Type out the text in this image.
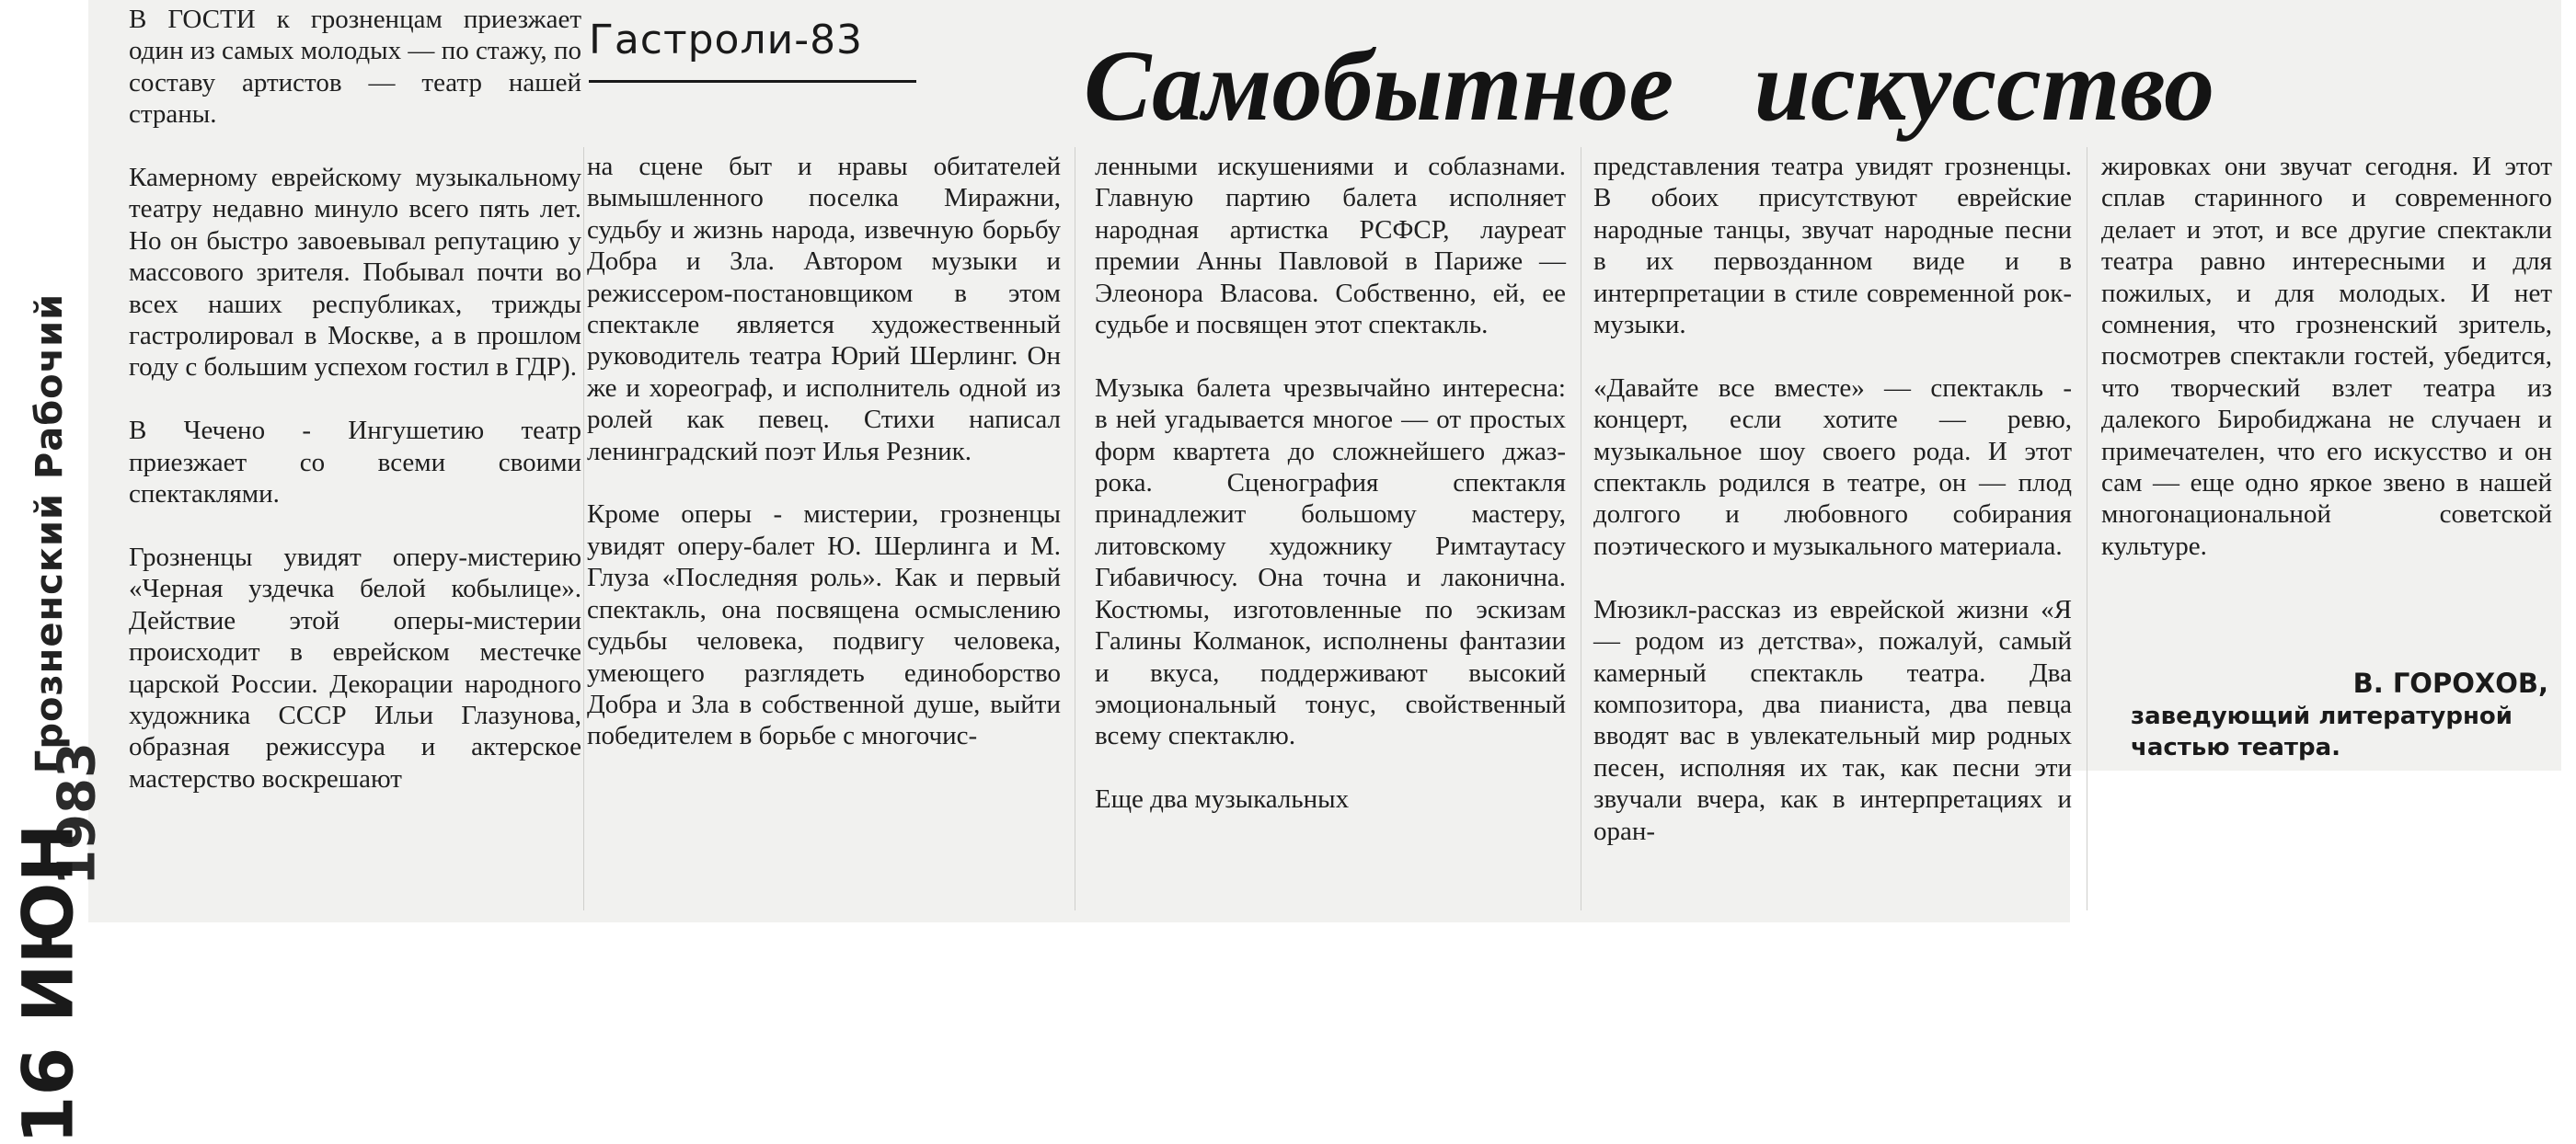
Грозненский Рабочий
1983
16 ИЮН
Гастроли-83 Самобытное искусство
В ГОСТИ к грозненцам приезжает один из самых молодых — по стажу, по составу артистов — театр нашей страны.

Камерному еврейскому музыкальному театру недавно минуло всего пять лет. Но он быстро завоевывал репутацию у массового зрителя. Побывал почти во всех наших республиках, трижды гастролировал в Москве, а в прошлом году с большим успехом гостил в ГДР).

В Чечено - Ингушетию театр приезжает со всеми своими спектаклями.

Грозненцы увидят оперу-мистерию «Черная уздечка белой кобылице». Действие этой оперы-мистерии происходит в еврейском местечке царской России. Декорации народного художника СССР Ильи Глазунова, образная режиссура и актерское мастерство воскрешают
на сцене быт и нравы обитателей вымышленного поселка Миражни, судьбу и жизнь народа, извечную борьбу Добра и Зла. Автором музыки и режиссером-постановщиком в этом спектакле является художественный руководитель театра Юрий Шерлинг. Он же и хореограф, и исполнитель одной из ролей как певец. Стихи написал ленинградский поэт Илья Резник.

Кроме оперы - мистерии, грозненцы увидят оперу-балет Ю. Шерлинга и М. Глуза «Последняя роль». Как и первый спектакль, она посвящена осмыслению судьбы человека, подвигу человека, умеющего разглядеть единоборство Добра и Зла в собственной душе, выйти победителем в борьбе с многочис-
ленными искушениями и соблазнами. Главную партию балета исполняет народная артистка РСФСР, лауреат премии Анны Павловой в Париже — Элеонора Власова. Собственно, ей, ее судьбе и посвящен этот спектакль.

Музыка балета чрезвычайно интересна: в ней угадывается многое — от простых форм квартета до сложнейшего джаз-рока. Сценография спектакля принадлежит большому мастеру, литовскому художнику Римтаутасу Гибавичюсу. Она точна и лаконична. Костюмы, изготовленные по эскизам Галины Колманок, исполнены фантазии и вкуса, поддерживают высокий эмоциональный тонус, свойственный всему спектаклю.

Еще два музыкальных
представления театра увидят грозненцы. В обоих присутствуют еврейские народные танцы, звучат народные песни в их первозданном виде и в интерпретации в стиле современной рок-музыки.

«Давайте все вместе» — спектакль - концерт, если хотите — ревю, музыкальное шоу своего рода. И этот спектакль родился в театре, он — плод долгого и любовного собирания поэтического и музыкального материала.

Мюзикл-рассказ из еврейской жизни «Я — родом из детства», пожалуй, самый камерный спектакль театра. Два композитора, два пианиста, два певца вводят вас в увлекательный мир родных песен, исполняя их так, как песни эти звучали вчера, как в интерпретациях и оран-
жировках они звучат сегодня. И этот сплав старинного и современного делает и этот, и все другие спектакли театра равно интересными и для пожилых, и для молодых. И нет сомнения, что грозненский зритель, посмотрев спектакли гостей, убедится, что творческий взлет театра из далекого Биробиджана не случаен и примечателен, что его искусство и он сам — еще одно яркое звено в нашей многонациональной советской культуре.
В. ГОРОХОВ,
заведующий литературной частью театра.
